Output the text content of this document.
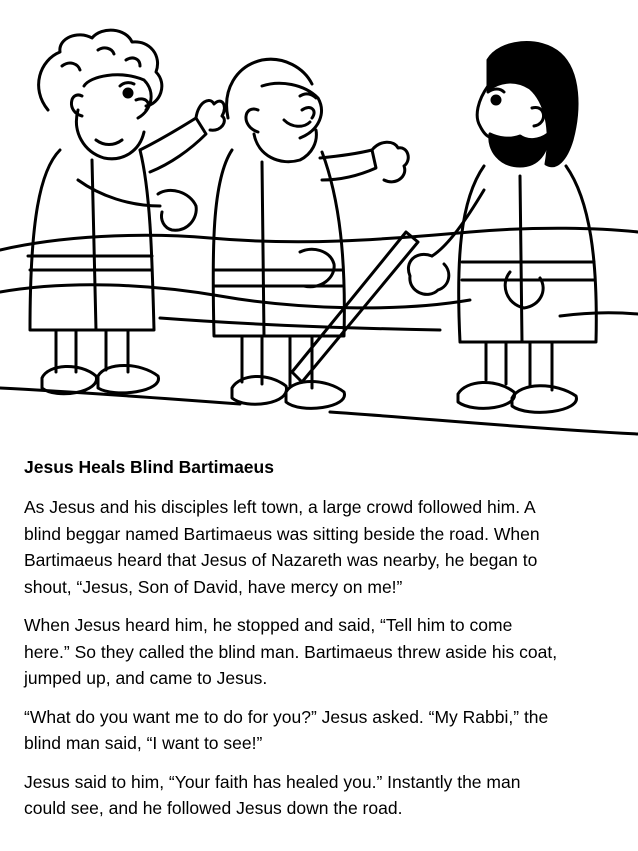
Jesus Heals Blind Bartimaeus

As Jesus and his disciples left town, a large crowd followed him. A
blind beggar named Bartimaeus was sitting beside the road. When
Bartimaeus heard that Jesus of Nazareth was nearby, he began to
shout, “Jesus, Son of David, have mercy on me!”

When Jesus heard him, he stopped and said, “Tell him to come
here.” So they called the blind man. Bartimaeus threw aside his coat,
jumped up, and came to Jesus.

“What do you want me to do for you?” Jesus asked. “My Rabbi,” the
blind man said, “I want to see!”

Jesus said to him, “Your faith has healed you.” Instantly the man
could see, and he followed Jesus down the road.
